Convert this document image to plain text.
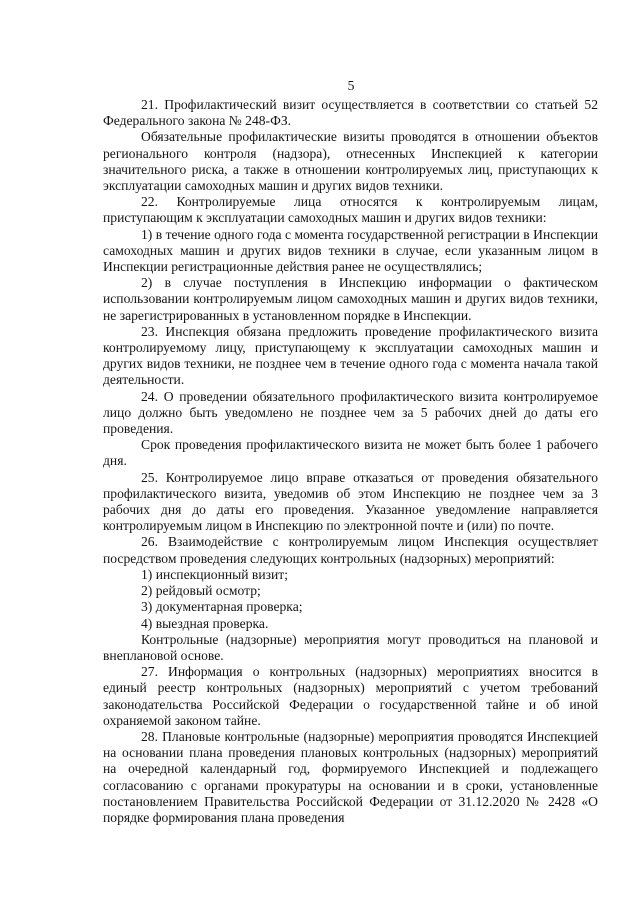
5

21. Профилактический визит осуществляется в соответствии со статьей 52 Федерального закона № 248-ФЗ.

Обязательные профилактические визиты проводятся в отношении объектов регионального контроля (надзора), отнесенных Инспекцией к категории значительного риска, а также в отношении контролируемых лиц, приступающих к эксплуатации самоходных машин и других видов техники.

22. Контролируемые лица относятся к контролируемым лицам, приступающим к эксплуатации самоходных машин и других видов техники:

1) в течение одного года с момента государственной регистрации в Инспекции самоходных машин и других видов техники в случае, если указанным лицом в Инспекции регистрационные действия ранее не осуществлялись;

2) в случае поступления в Инспекцию информации о фактическом использовании контролируемым лицом самоходных машин и других видов техники, не зарегистрированных в установленном порядке в Инспекции.

23. Инспекция обязана предложить проведение профилактического визита контролируемому лицу, приступающему к эксплуатации самоходных машин и других видов техники, не позднее чем в течение одного года с момента начала такой деятельности.

24. О проведении обязательного профилактического визита контролируемое лицо должно быть уведомлено не позднее чем за 5 рабочих дней до даты его проведения.

Срок проведения профилактического визита не может быть более 1 рабочего дня.

25. Контролируемое лицо вправе отказаться от проведения обязательного профилактического визита, уведомив об этом Инспекцию не позднее чем за 3 рабочих дня до даты его проведения. Указанное уведомление направляется контролируемым лицом в Инспекцию по электронной почте и (или) по почте.

26. Взаимодействие с контролируемым лицом Инспекция осуществляет посредством проведения следующих контрольных (надзорных) мероприятий:

1) инспекционный визит;

2) рейдовый осмотр;

3) документарная проверка;

4) выездная проверка.

Контрольные (надзорные) мероприятия могут проводиться на плановой и внеплановой основе.

27. Информация о контрольных (надзорных) мероприятиях вносится в единый реестр контрольных (надзорных) мероприятий с учетом требований законодательства Российской Федерации о государственной тайне и об иной охраняемой законом тайне.

28. Плановые контрольные (надзорные) мероприятия проводятся Инспекцией на основании плана проведения плановых контрольных (надзорных) мероприятий на очередной календарный год, формируемого Инспекцией и подлежащего согласованию с органами прокуратуры на основании и в сроки, установленные постановлением Правительства Российской Федерации от 31.12.2020 № 2428 «О порядке формирования плана проведения
